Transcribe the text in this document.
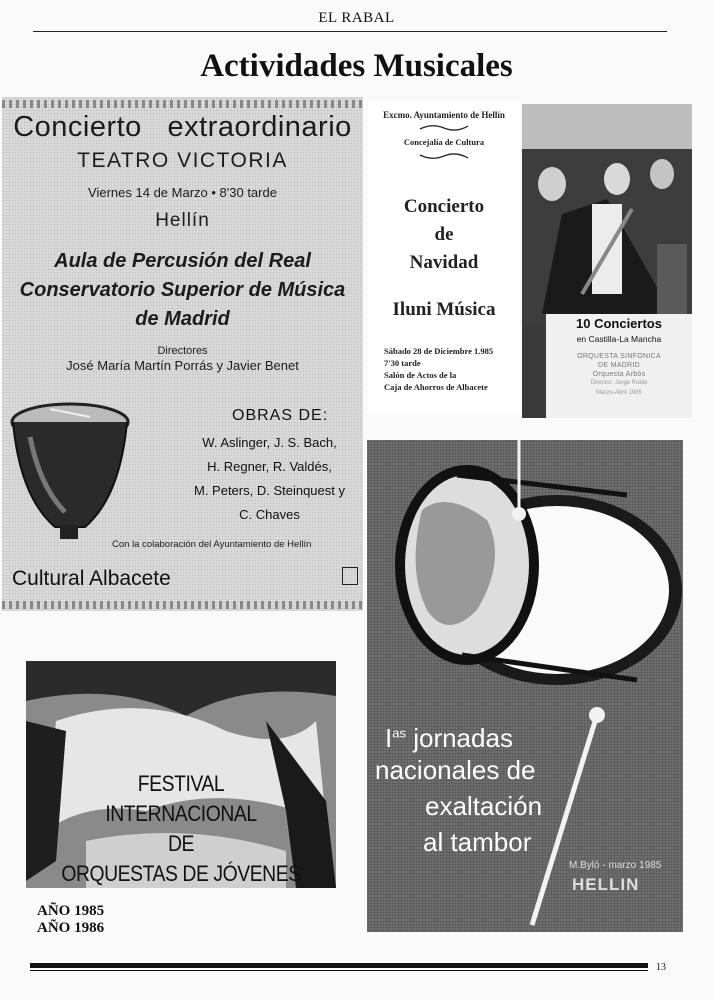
EL RABAL
Actividades Musicales
Concierto   extraordinario
TEATRO VICTORIA
Viernes 14 de Marzo • 8'30 tarde
Hellín
Aula de Percusión del Real
Conservatorio Superior de Música
de Madrid
Directores
José María Martín Porrás y Javier Benet
OBRAS DE:
W. Aslinger, J. S. Bach,
H. Regner, R. Valdés,
M. Peters, D. Steinquest y
C. Chaves
Con la colaboración del Ayuntamiento de Hellín
Cultural Albacete
Excmo. Ayuntamiento de Hellín
Concejalía de Cultura
Concierto
de
Navidad
Iluni Música
Sábado 28 de Diciembre 1.985
7'30 tarde
Salón de Actos de la
Caja de Ahorros de Albacete
10 Conciertos
en Castilla-La Mancha
ORQUESTA SINFONICA
DE MADRID
Orquesta Arbós
Director: Jorge Rubio
Marzo-Abril 1985
FESTIVAL
INTERNACIONAL
DE
ORQUESTAS DE JÓVENES
AÑO 1985
AÑO 1986
$I^{as}$ jornadas
nacionales de
exaltación
al tambor
M.Byló - marzo 1985
HELLIN
13
